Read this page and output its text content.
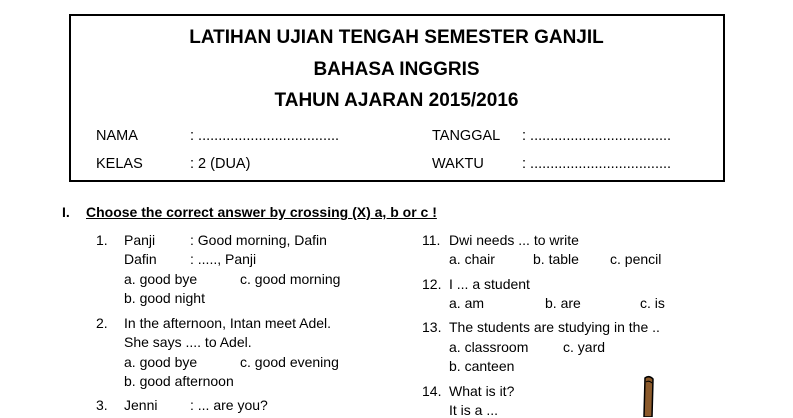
LATIHAN UJIAN TENGAH SEMESTER GANJIL
BAHASA INGGRIS
TAHUN AJARAN 2015/2016
NAMA	: ...................................	TANGGAL : ...................................
KELAS	: 2 (DUA)	WAKTU	: ...................................
I. Choose the correct answer by crossing (X) a, b or c !
1. Panji : Good morning, Dafin
Dafin : ....., Panji
a. good bye	c. good morning
b. good night
2. In the afternoon, Intan meet Adel.
She says .... to Adel.
a. good bye	c. good evening
b. good afternoon
3. Jenni : ... are you?
11. Dwi needs ... to write
a. chair	b. table c. pencil
12. I ... a student
a. am	b. are	c. is
13. The students are studying in the ..
a. classroom c. yard
b. canteen
14. What is it?
It is a ...
